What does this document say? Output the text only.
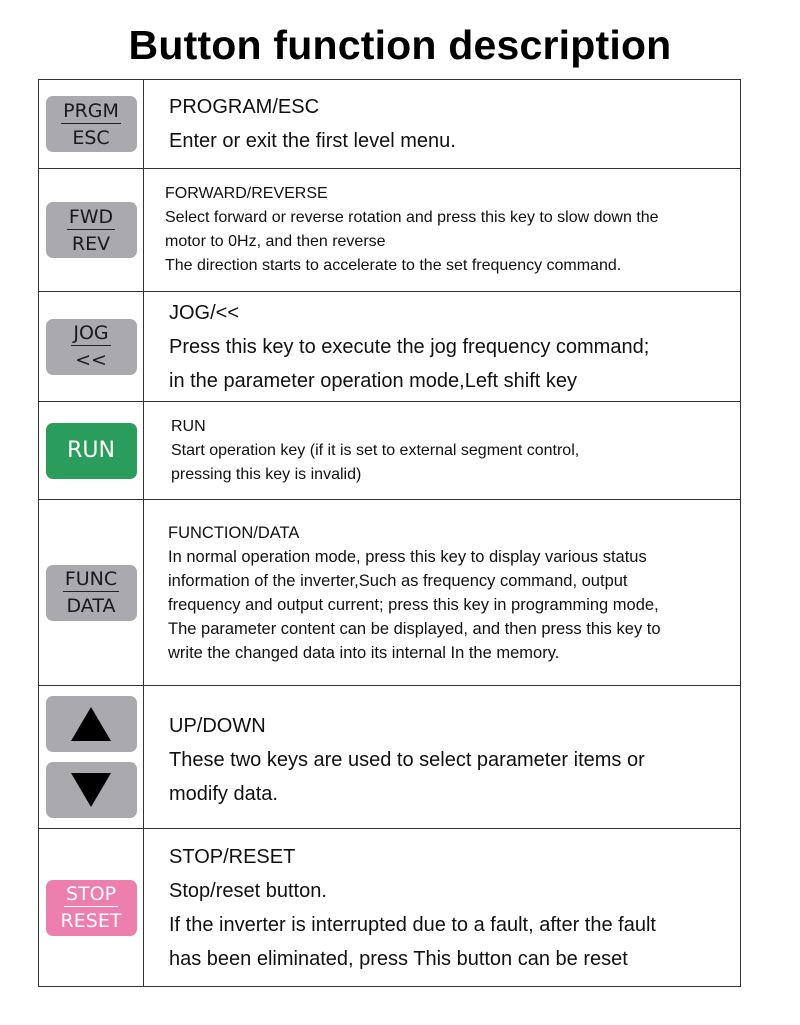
Button function description
PRGM
ESC
PROGRAM/ESC
Enter or exit the first level menu.
FWD
REV
FORWARD/REVERSE
Select forward or reverse rotation and press this key to slow down the
motor to 0Hz, and then reverse
The direction starts to accelerate to the set frequency command.
JOG
<<
JOG/<<
Press this key to execute the jog frequency command;
in the parameter operation mode,Left shift key
RUN
RUN
Start operation key (if it is set to external segment control,
pressing this key is invalid)
FUNC
DATA
FUNCTION/DATA
In normal operation mode, press this key to display various status
information of the inverter,Such as frequency command, output
frequency and output current; press this key in programming mode,
The parameter content can be displayed, and then press this key to
write the changed data into its internal In the memory.
UP/DOWN
These two keys are used to select parameter items or
modify data.
STOP
RESET
STOP/RESET
Stop/reset button.
If the inverter is interrupted due to a fault, after the fault
has been eliminated, press This button can be reset
